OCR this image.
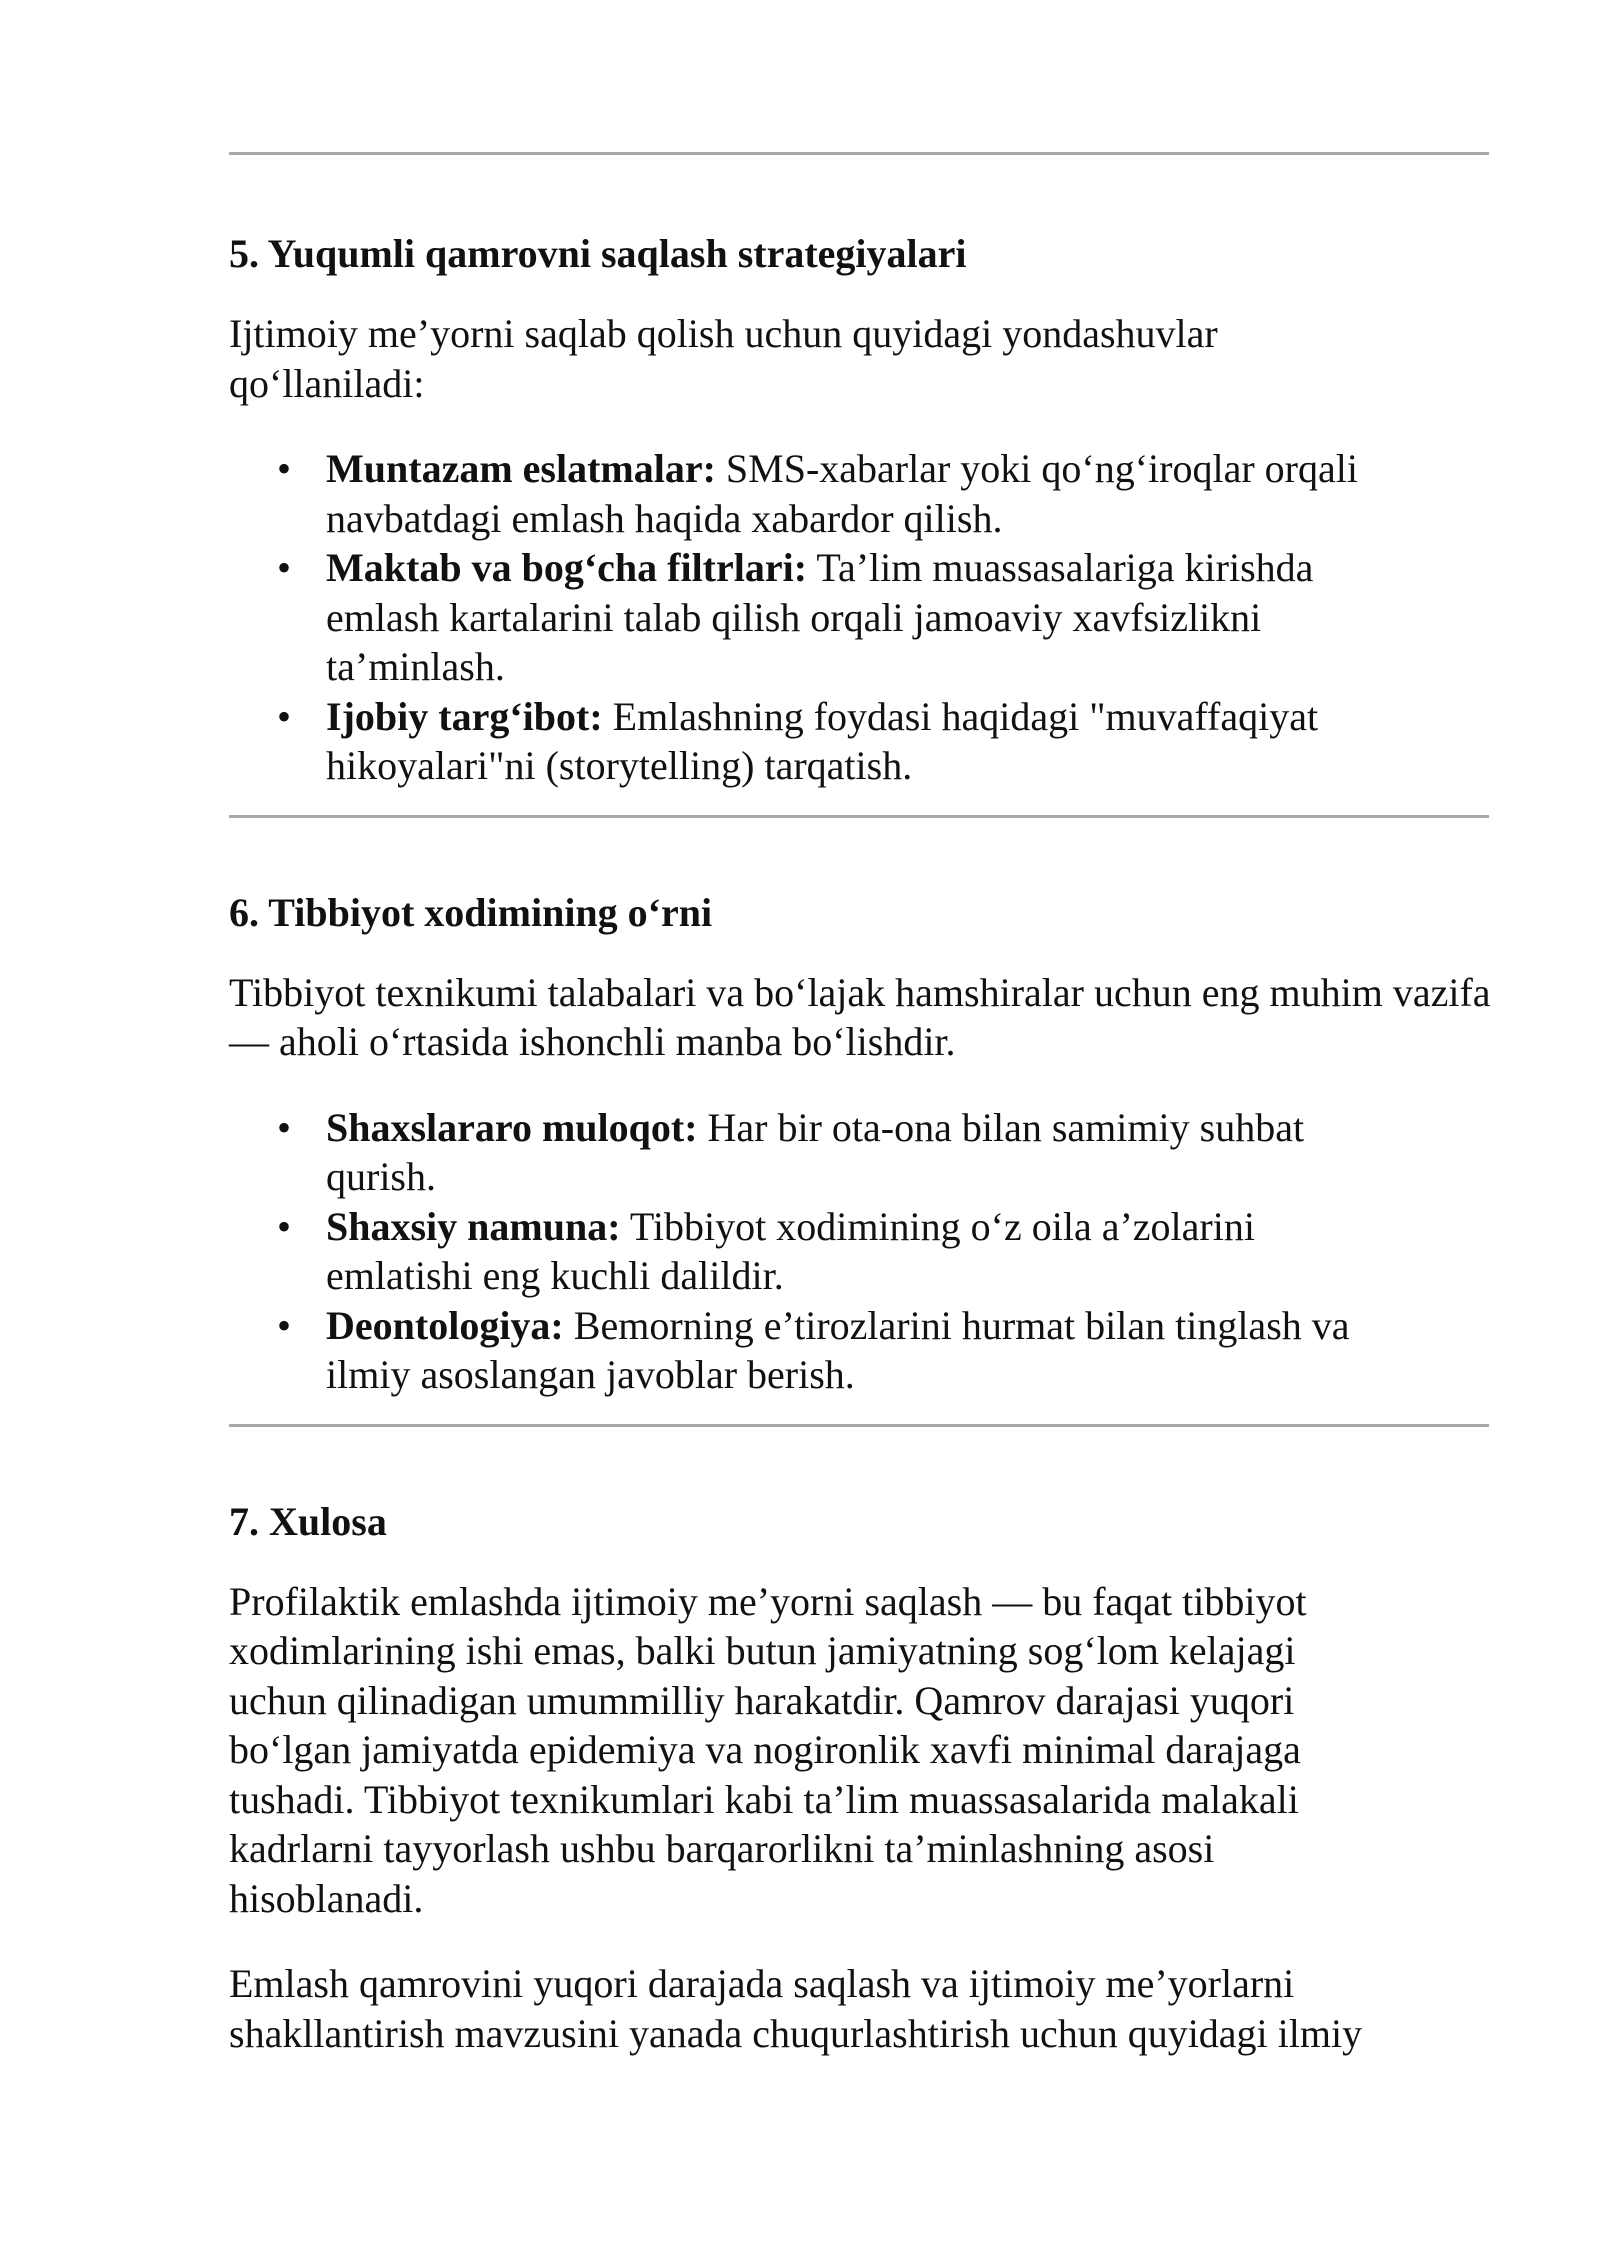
5. Yuqumli qamrovni saqlash strategiyalari

Ijtimoiy me’yorni saqlab qolish uchun quyidagi yondashuvlar qo‘llaniladi:

• Muntazam eslatmalar: SMS-xabarlar yoki qo‘ng‘iroqlar orqali navbatdagi emlash haqida xabardor qilish.
• Maktab va bog‘cha filtrlari: Ta’lim muassasalariga kirishda emlash kartalarini talab qilish orqali jamoaviy xavfsizlikni ta’minlash.
• Ijobiy targ‘ibot: Emlashning foydasi haqidagi "muvaffaqiyat hikoyalari"ni (storytelling) tarqatish.
6. Tibbiyot xodimining o‘rni

Tibbiyot texnikumi talabalari va bo‘lajak hamshiralar uchun eng muhim vazifa — aholi o‘rtasida ishonchli manba bo‘lishdir.

• Shaxslararo muloqot: Har bir ota-ona bilan samimiy suhbat qurish.
• Shaxsiy namuna: Tibbiyot xodimining o‘z oila a’zolarini emlatishi eng kuchli dalildir.
• Deontologiya: Bemorning e’tirozlarini hurmat bilan tinglash va ilmiy asoslangan javoblar berish.
7. Xulosa

Profilaktik emlashda ijtimoiy me’yorni saqlash — bu faqat tibbiyot xodimlarining ishi emas, balki butun jamiyatning sog‘lom kelajagi uchun qilinadigan umummilliy harakatdir. Qamrov darajasi yuqori bo‘lgan jamiyatda epidemiya va nogironlik xavfi minimal darajaga tushadi. Tibbiyot texnikumlari kabi ta’lim muassasalarida malakali kadrlarni tayyorlash ushbu barqarorlikni ta’minlashning asosi hisoblanadi.

Emlash qamrovini yuqori darajada saqlash va ijtimoiy me’yorlarni shakllantirish mavzusini yanada chuqurlashtirish uchun quyidagi ilmiy
